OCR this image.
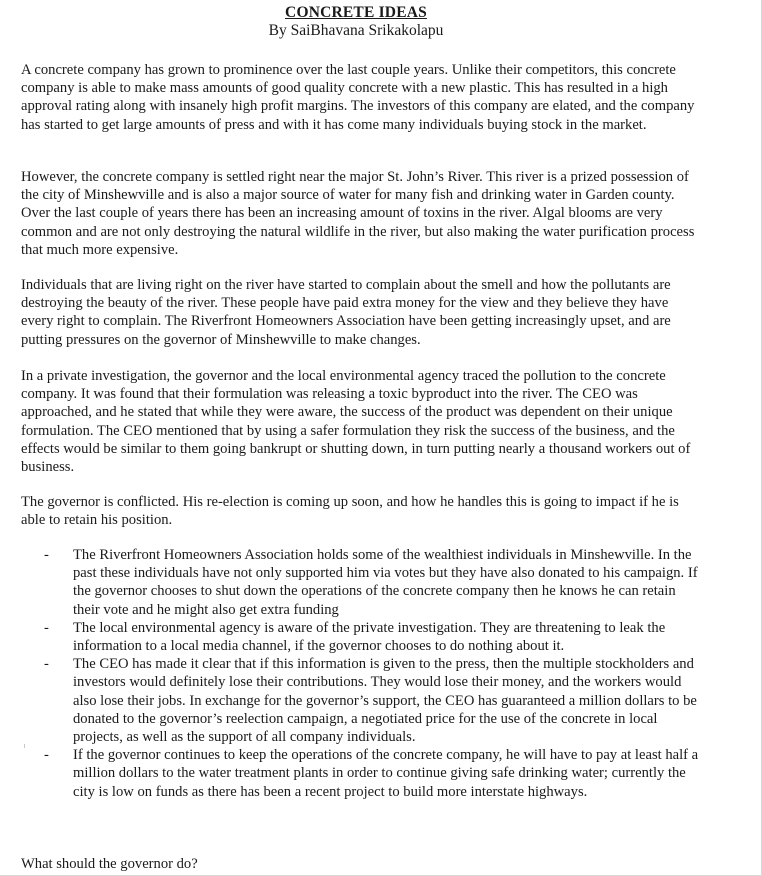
CONCRETE IDEAS
By SaiBhavana Srikakolapu

A concrete company has grown to prominence over the last couple years. Unlike their competitors, this concrete company is able to make mass amounts of good quality concrete with a new plastic. This has resulted in a high approval rating along with insanely high profit margins. The investors of this company are elated, and the company has started to get large amounts of press and with it has come many individuals buying stock in the market.

However, the concrete company is settled right near the major St. John’s River. This river is a prized possession of the city of Minshewville and is also a major source of water for many fish and drinking water in Garden county. Over the last couple of years there has been an increasing amount of toxins in the river. Algal blooms are very common and are not only destroying the natural wildlife in the river, but also making the water purification process that much more expensive.

Individuals that are living right on the river have started to complain about the smell and how the pollutants are destroying the beauty of the river. These people have paid extra money for the view and they believe they have every right to complain. The Riverfront Homeowners Association have been getting increasingly upset, and are putting pressures on the governor of Minshewville to make changes.

In a private investigation, the governor and the local environmental agency traced the pollution to the concrete company. It was found that their formulation was releasing a toxic byproduct into the river. The CEO was approached, and he stated that while they were aware, the success of the product was dependent on their unique formulation. The CEO mentioned that by using a safer formulation they risk the success of the business, and the effects would be similar to them going bankrupt or shutting down, in turn putting nearly a thousand workers out of business.

The governor is conflicted. His re-election is coming up soon, and how he handles this is going to impact if he is able to retain his position.

- The Riverfront Homeowners Association holds some of the wealthiest individuals in Minshewville. In the past these individuals have not only supported him via votes but they have also donated to his campaign. If the governor chooses to shut down the operations of the concrete company then he knows he can retain their vote and he might also get extra funding
- The local environmental agency is aware of the private investigation. They are threatening to leak the information to a local media channel, if the governor chooses to do nothing about it.
- The CEO has made it clear that if this information is given to the press, then the multiple stockholders and investors would definitely lose their contributions. They would lose their money, and the workers would also lose their jobs. In exchange for the governor’s support, the CEO has guaranteed a million dollars to be donated to the governor’s reelection campaign, a negotiated price for the use of the concrete in local projects, as well as the support of all company individuals.
- If the governor continues to keep the operations of the concrete company, he will have to pay at least half a million dollars to the water treatment plants in order to continue giving safe drinking water; currently the city is low on funds as there has been a recent project to build more interstate highways.
What should the governor do?
